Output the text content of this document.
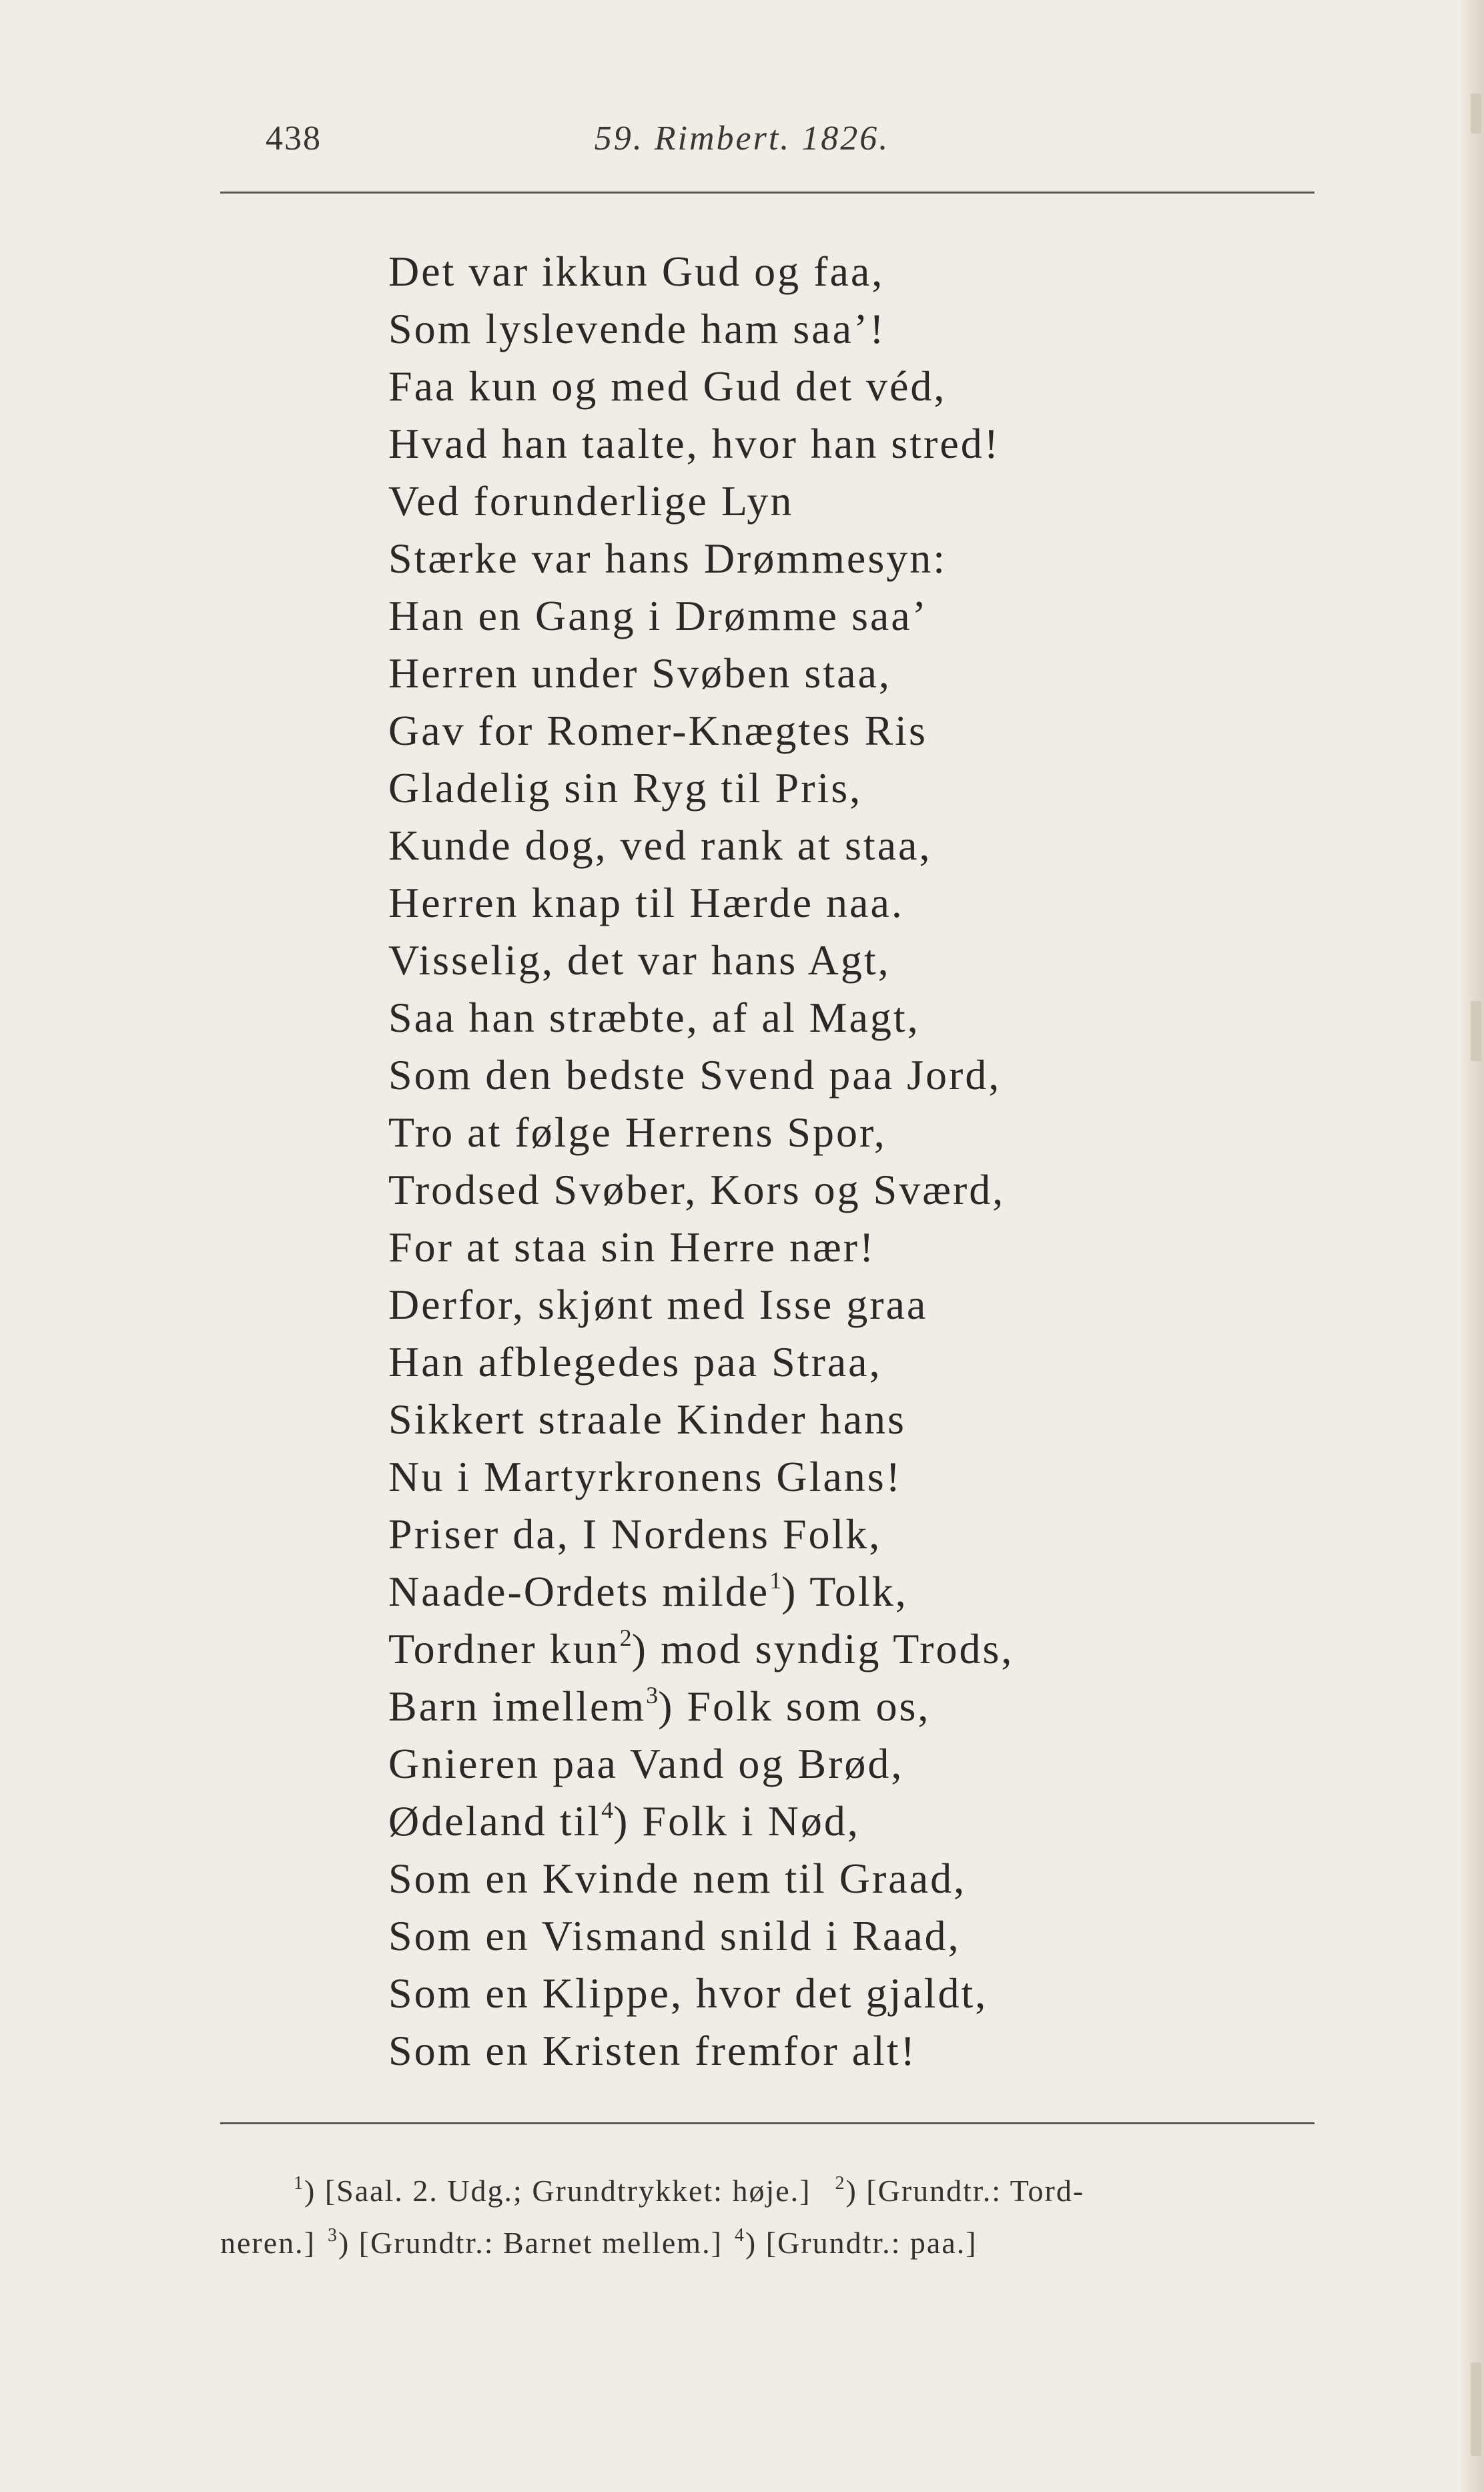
438	59. Rimbert. 1826.
Det var ikkun Gud og faa,
Som lyslevende ham saa’!
Faa kun og med Gud det véd,
Hvad han taalte, hvor han stred!
Ved forunderlige Lyn
Stærke var hans Drømmesyn:
Han en Gang i Drømme saa’
Herren under Svøben staa,
Gav for Romer-Knægtes Ris
Gladelig sin Ryg til Pris,
Kunde dog, ved rank at staa,
Herren knap til Hærde naa.
Visselig, det var hans Agt,
Saa han stræbte, af al Magt,
Som den bedste Svend paa Jord,
Tro at følge Herrens Spor,
Trodsed Svøber, Kors og Sværd,
For at staa sin Herre nær!
Derfor, skjønt med Isse graa
Han afblegedes paa Straa,
Sikkert straale Kinder hans
Nu i Martyrkronens Glans!
Priser da, I Nordens Folk,
Naade-Ordets milde$^1$) Tolk,
Tordner kun$^2$) mod syndig Trods,
Barn imellem$^3$) Folk som os,
Gnieren paa Vand og Brød,
Ødeland til$^4$) Folk i Nød,
Som en Kvinde nem til Graad,
Som en Vismand snild i Raad,
Som en Klippe, hvor det gjaldt,
Som en Kristen fremfor alt!
$^1$) [Saal. 2. Udg.; Grundtrykket: høje.] $^2$) [Grundtr.: Tord-
neren.] $^3$) [Grundtr.: Barnet mellem.] $^4$) [Grundtr.: paa.]
